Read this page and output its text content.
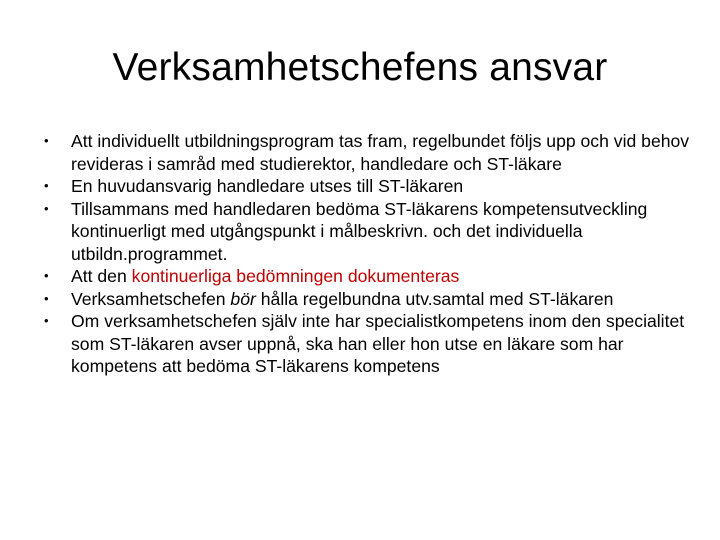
Verksamhetschefens ansvar
•	Att individuellt utbildningsprogram tas fram, regelbundet följs upp och vid behov revideras i samråd med studierektor, handledare och ST-läkare
•	En huvudansvarig handledare utses till ST-läkaren
•	Tillsammans med handledaren bedöma ST-läkarens kompetensutveckling kontinuerligt med utgångspunkt i målbeskrivn. och det individuella utbildn.programmet.
•	Att den kontinuerliga bedömningen dokumenteras
•	Verksamhetschefen bör hålla regelbundna utv.samtal med ST-läkaren
•	Om verksamhetschefen själv inte har specialistkompetens inom den specialitet som ST-läkaren avser uppnå, ska han eller hon utse en läkare som har kompetens att bedöma ST-läkarens kompetens
